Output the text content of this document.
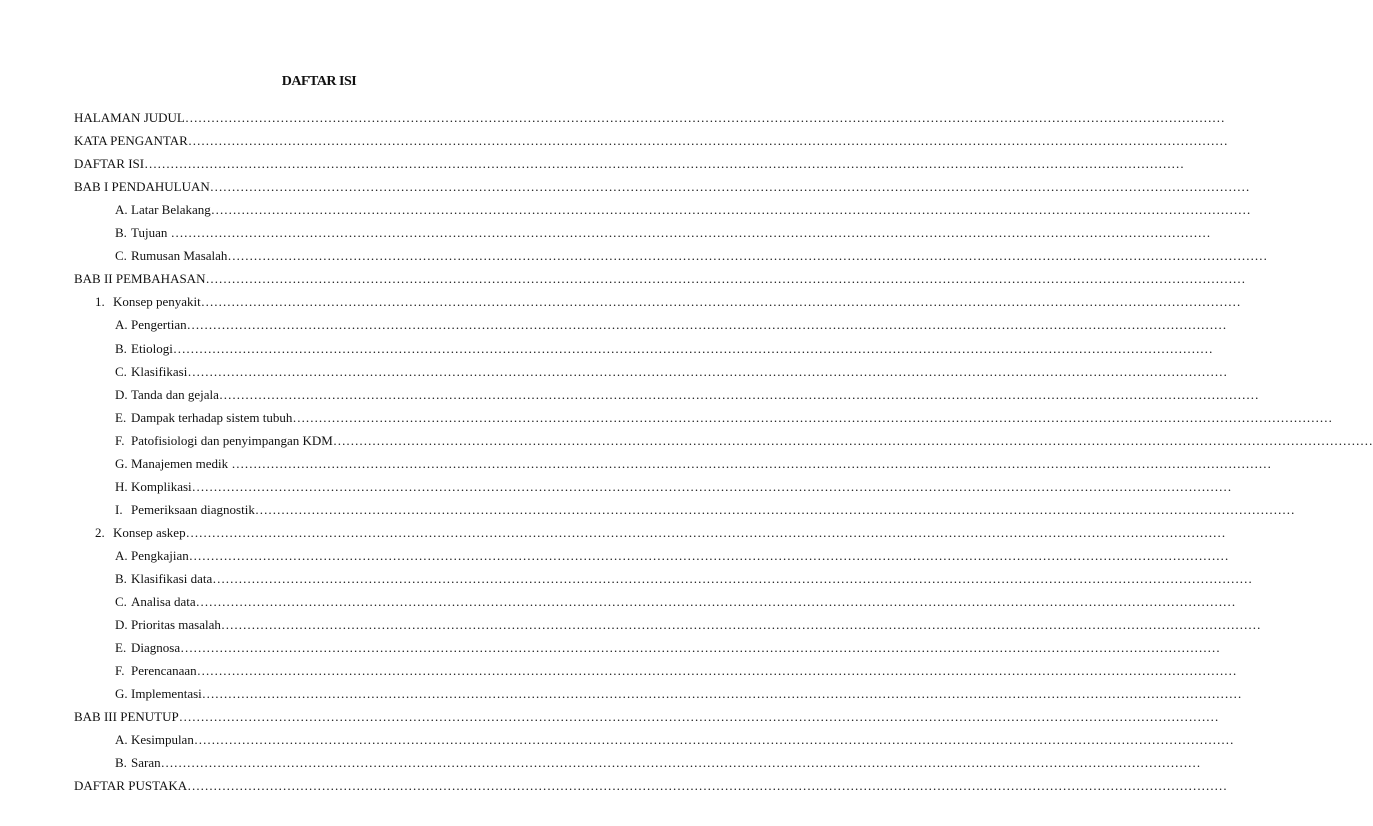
DAFTAR ISI
HALAMAN JUDUL……………………………………………………………………………………………………………………………………………………………………………………………………………………
KATA PENGANTAR……………………………………………………………………………………………………………………………………………………………………………………………………………………
DAFTAR ISI……………………………………………………………………………………………………………………………………………………………………………………………………………………
BAB I PENDAHULUAN……………………………………………………………………………………………………………………………………………………………………………………………………………………
A. Latar Belakang……………………………………………………………………………………………………………………………………………………………………………………………………………………
B. Tujuan ……………………………………………………………………………………………………………………………………………………………………………………………………………………
C. Rumusan Masalah……………………………………………………………………………………………………………………………………………………………………………………………………………………
BAB II PEMBAHASAN……………………………………………………………………………………………………………………………………………………………………………………………………………………
1. Konsep penyakit……………………………………………………………………………………………………………………………………………………………………………………………………………………
A. Pengertian……………………………………………………………………………………………………………………………………………………………………………………………………………………
B. Etiologi……………………………………………………………………………………………………………………………………………………………………………………………………………………
C. Klasifikasi……………………………………………………………………………………………………………………………………………………………………………………………………………………
D. Tanda dan gejala……………………………………………………………………………………………………………………………………………………………………………………………………………………
E. Dampak terhadap sistem tubuh……………………………………………………………………………………………………………………………………………………………………………………………………………………
F. Patofisiologi dan penyimpangan KDM……………………………………………………………………………………………………………………………………………………………………………………………………………………
G. Manajemen medik ……………………………………………………………………………………………………………………………………………………………………………………………………………………
H. Komplikasi……………………………………………………………………………………………………………………………………………………………………………………………………………………
I. Pemeriksaan diagnostik……………………………………………………………………………………………………………………………………………………………………………………………………………………
2. Konsep askep……………………………………………………………………………………………………………………………………………………………………………………………………………………
A. Pengkajian……………………………………………………………………………………………………………………………………………………………………………………………………………………
B. Klasifikasi data……………………………………………………………………………………………………………………………………………………………………………………………………………………
C. Analisa data……………………………………………………………………………………………………………………………………………………………………………………………………………………
D. Prioritas masalah……………………………………………………………………………………………………………………………………………………………………………………………………………………
E. Diagnosa……………………………………………………………………………………………………………………………………………………………………………………………………………………
F. Perencanaan……………………………………………………………………………………………………………………………………………………………………………………………………………………
G. Implementasi……………………………………………………………………………………………………………………………………………………………………………………………………………………
BAB III PENUTUP……………………………………………………………………………………………………………………………………………………………………………………………………………………
A. Kesimpulan……………………………………………………………………………………………………………………………………………………………………………………………………………………
B. Saran……………………………………………………………………………………………………………………………………………………………………………………………………………………
DAFTAR PUSTAKA……………………………………………………………………………………………………………………………………………………………………………………………………………………
